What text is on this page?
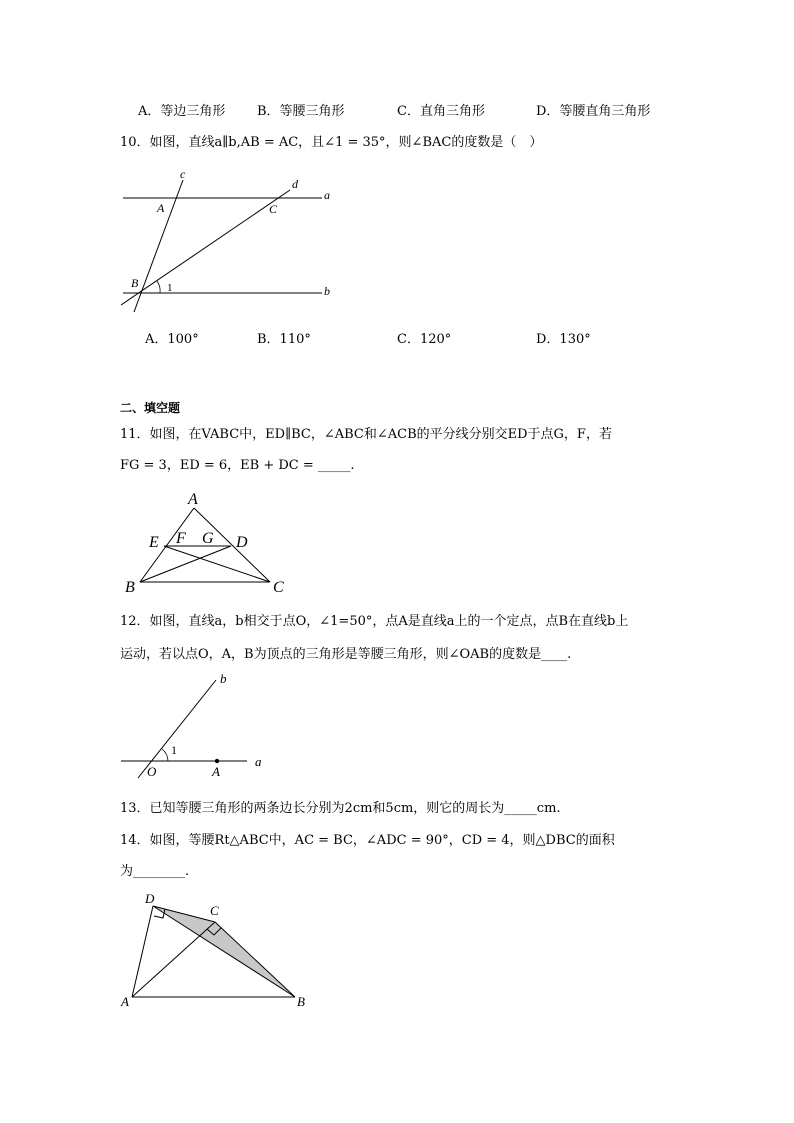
A．等边三角形 B．等腰三角形	C．直角三角形	D．等腰直角三角形
10．如图，直线a∥b,AB = AC，且∠1 = 35°，则∠BAC的度数是（　）
c
d
a
b
A	C
B	1
A．100°	B．110°	C．120°	D．130°
二、填空题
11．如图，在VABC中，ED∥BC，∠ABC和∠ACB的平分线分别交ED于点G，F，若
FG = 3，ED = 6，EB + DC = _____.
A
E F G D
B	C
12．如图，直线a，b相交于点O，∠1=50°，点A是直线a上的一个定点，点B在直线b上
运动，若以点O，A，B为顶点的三角形是等腰三角形，则∠OAB的度数是____.
b
a
O	A
1
13．已知等腰三角形的两条边长分别为2cm和5cm，则它的周长为_____cm.
14．如图，等腰Rt△ABC中，AC = BC，∠ADC = 90°，CD = 4，则△DBC的面积
为________.
D
C
A	B
